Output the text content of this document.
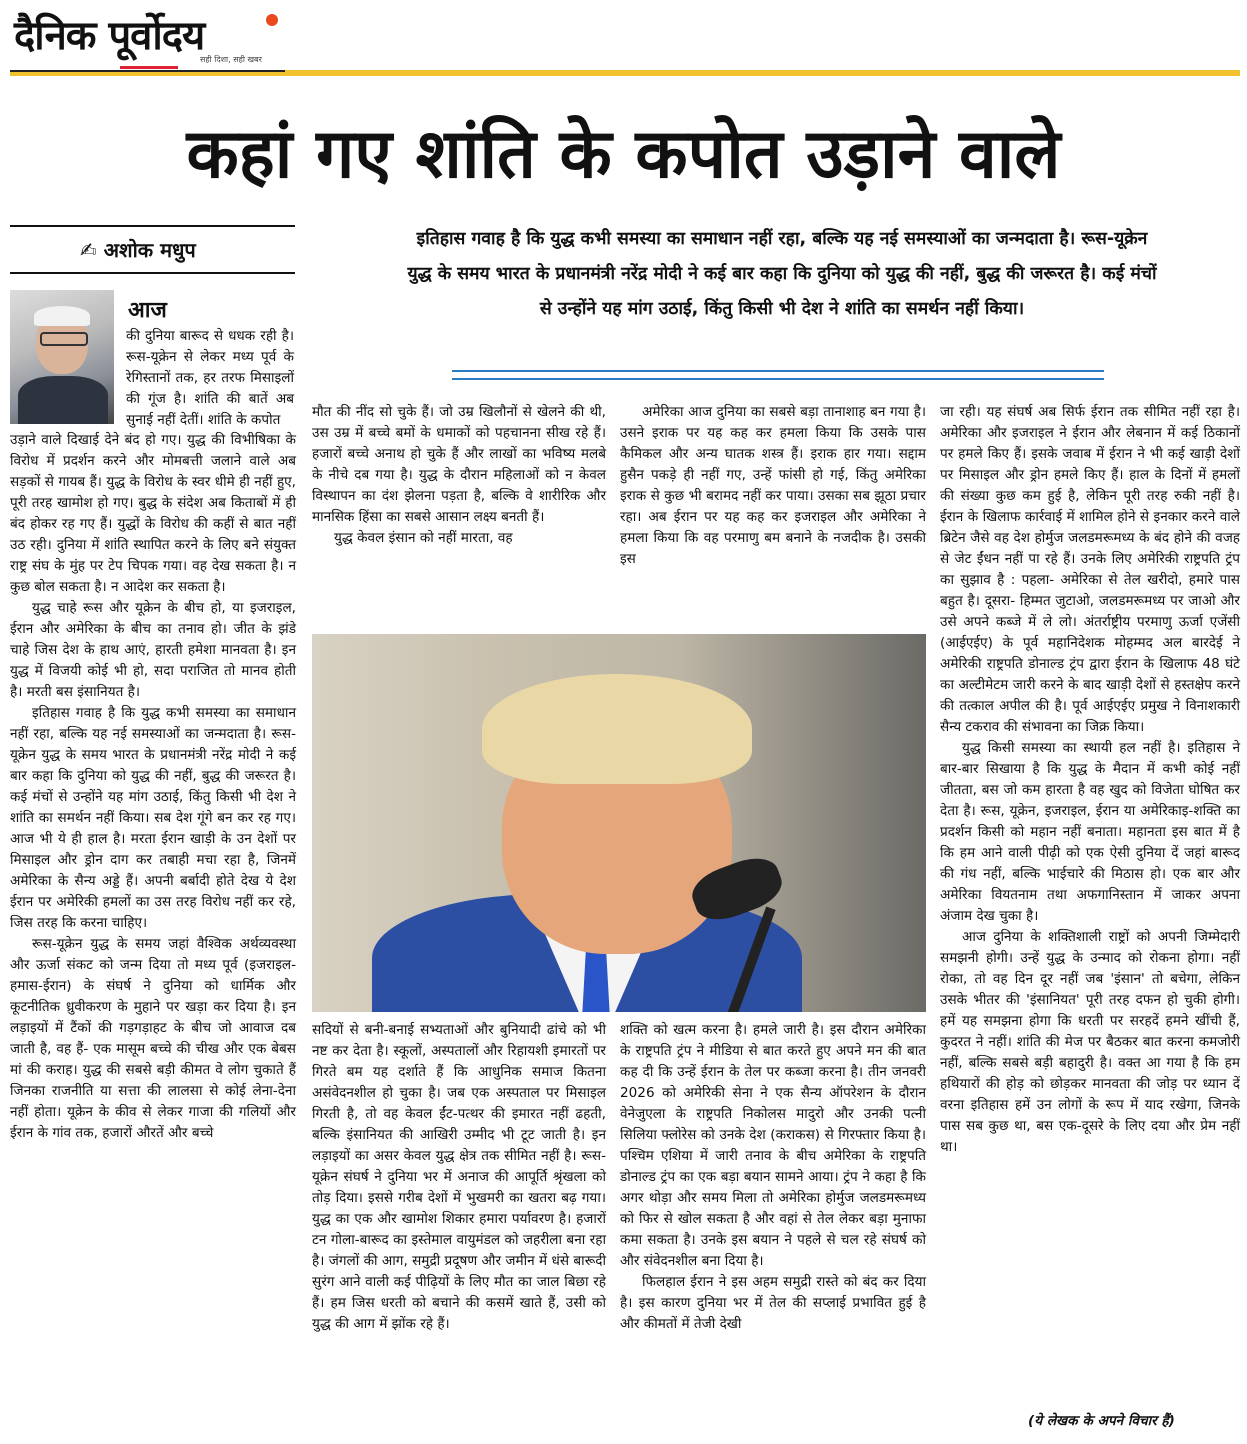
दैनिक पूर्वोदय
सही दिशा, सही खबर
कहां गए शांति के कपोत उड़ाने वाले
✍ अशोक मधुप
आज

की दुनिया बारूद से धधक रही है। रूस-यूक्रेन से लेकर मध्य पूर्व के रेगिस्तानों तक, हर तरफ मिसाइलों की गूंज है। शांति की बातें अब सुनाई नहीं देतीं। शांति के कपोत

उड़ाने वाले दिखाई देने बंद हो गए। युद्ध की विभीषिका के विरोध में प्रदर्शन करने और मोमबत्ती जलाने वाले अब सड़कों से गायब हैं। युद्ध के विरोध के स्वर धीमे ही नहीं हुए, पूरी तरह खामोश हो गए। बुद्ध के संदेश अब किताबों में ही बंद होकर रह गए हैं। युद्धों के विरोध की कहीं से बात नहीं उठ रही। दुनिया में शांति स्थापित करने के लिए बने संयुक्त राष्ट्र संघ के मुंह पर टेप चिपक गया। वह देख सकता है। न कुछ बोल सकता है। न आदेश कर सकता है।

युद्ध चाहे रूस और यूक्रेन के बीच हो, या इजराइल, ईरान और अमेरिका के बीच का तनाव हो। जीत के झंडे चाहे जिस देश के हाथ आएं, हारती हमेशा मानवता है। इन युद्ध में विजयी कोई भी हो, सदा पराजित तो मानव होती है। मरती बस इंसानियत है।

इतिहास गवाह है कि युद्ध कभी समस्या का समाधान नहीं रहा, बल्कि यह नई समस्याओं का जन्मदाता है। रूस-यूक्रेन युद्ध के समय भारत के प्रधानमंत्री नरेंद्र मोदी ने कई बार कहा कि दुनिया को युद्ध की नहीं, बुद्ध की जरूरत है। कई मंचों से उन्होंने यह मांग उठाई, किंतु किसी भी देश ने शांति का समर्थन नहीं किया। सब देश गूंगे बन कर रह गए। आज भी ये ही हाल है। मरता ईरान खाड़ी के उन देशों पर मिसाइल और ड्रोन दाग कर तबाही मचा रहा है, जिनमें अमेरिका के सैन्य अड्डे हैं। अपनी बर्बादी होते देख ये देश ईरान पर अमेरिकी हमलों का उस तरह विरोध नहीं कर रहे, जिस तरह कि करना चाहिए।

रूस-यूक्रेन युद्ध के समय जहां वैश्विक अर्थव्यवस्था और ऊर्जा संकट को जन्म दिया तो मध्य पूर्व (इजराइल-हमास-ईरान) के संघर्ष ने दुनिया को धार्मिक और कूटनीतिक ध्रुवीकरण के मुहाने पर खड़ा कर दिया है। इन लड़ाइयों में टैंकों की गड़गड़ाहट के बीच जो आवाज दब जाती है, वह हैं- एक मासूम बच्चे की चीख और एक बेबस मां की कराह। युद्ध की सबसे बड़ी कीमत वे लोग चुकाते हैं जिनका राजनीति या सत्ता की लालसा से कोई लेना-देना नहीं होता। यूक्रेन के कीव से लेकर गाजा की गलियों और ईरान के गांव तक, हजारों औरतें और बच्चे

इतिहास गवाह है कि युद्ध कभी समस्या का समाधान नहीं रहा, बल्कि यह नई समस्याओं का जन्मदाता है। रूस-यूक्रेन युद्ध के समय भारत के प्रधानमंत्री नरेंद्र मोदी ने कई बार कहा कि दुनिया को युद्ध की नहीं, बुद्ध की जरूरत है। कई मंचों से उन्होंने यह मांग उठाई, किंतु किसी भी देश ने शांति का समर्थन नहीं किया।

मौत की नींद सो चुके हैं। जो उम्र खिलौनों से खेलने की थी, उस उम्र में बच्चे बमों के धमाकों को पहचानना सीख रहे हैं। हजारों बच्चे अनाथ हो चुके हैं और लाखों का भविष्य मलबे के नीचे दब गया है। युद्ध के दौरान महिलाओं को न केवल विस्थापन का दंश झेलना पड़ता है, बल्कि वे शारीरिक और मानसिक हिंसा का सबसे आसान लक्ष्य बनती हैं।

युद्ध केवल इंसान को नहीं मारता, वह

अमेरिका आज दुनिया का सबसे बड़ा तानाशाह बन गया है। उसने इराक पर यह कह कर हमला किया कि उसके पास कैमिकल और अन्य घातक शस्त्र हैं। इराक हार गया। सद्दाम हुसैन पकड़े ही नहीं गए, उन्हें फांसी हो गई, किंतु अमेरिका इराक से कुछ भी बरामद नहीं कर पाया। उसका सब झूठा प्रचार रहा। अब ईरान पर यह कह कर इजराइल और अमेरिका ने हमला किया कि वह परमाणु बम बनाने के नजदीक है। उसकी इस

सदियों से बनी-बनाई सभ्यताओं और बुनियादी ढांचे को भी नष्ट कर देता है। स्कूलों, अस्पतालों और रिहायशी इमारतों पर गिरते बम यह दर्शाते हैं कि आधुनिक समाज कितना असंवेदनशील हो चुका है। जब एक अस्पताल पर मिसाइल गिरती है, तो वह केवल ईंट-पत्थर की इमारत नहीं ढहती, बल्कि इंसानियत की आखिरी उम्मीद भी टूट जाती है। इन लड़ाइयों का असर केवल युद्ध क्षेत्र तक सीमित नहीं है। रूस-यूक्रेन संघर्ष ने दुनिया भर में अनाज की आपूर्ति श्रृंखला को तोड़ दिया। इससे गरीब देशों में भुखमरी का खतरा बढ़ गया। युद्ध का एक और खामोश शिकार हमारा पर्यावरण है। हजारों टन गोला-बारूद का इस्तेमाल वायुमंडल को जहरीला बना रहा है। जंगलों की आग, समुद्री प्रदूषण और जमीन में धंसे बारूदी सुरंग आने वाली कई पीढ़ियों के लिए मौत का जाल बिछा रहे हैं। हम जिस धरती को बचाने की कसमें खाते हैं, उसी को युद्ध की आग में झोंक रहे हैं।

शक्ति को खत्म करना है। हमले जारी है। इस दौरान अमेरिका के राष्ट्रपति ट्रंप ने मीडिया से बात करते हुए अपने मन की बात कह दी कि उन्हें ईरान के तेल पर कब्जा करना है। तीन जनवरी 2026 को अमेरिकी सेना ने एक सैन्य ऑपरेशन के दौरान वेनेजुएला के राष्ट्रपति निकोलस मादुरो और उनकी पत्नी सिलिया फ्लोरेस को उनके देश (कराकस) से गिरफ्तार किया है। पश्चिम एशिया में जारी तनाव के बीच अमेरिका के राष्ट्रपति डोनाल्ड ट्रंप का एक बड़ा बयान सामने आया। ट्रंप ने कहा है कि अगर थोड़ा और समय मिला तो अमेरिका होर्मुज जलडमरूमध्य को फिर से खोल सकता है और वहां से तेल लेकर बड़ा मुनाफा कमा सकता है। उनके इस बयान ने पहले से चल रहे संघर्ष को और संवेदनशील बना दिया है।

फिलहाल ईरान ने इस अहम समुद्री रास्ते को बंद कर दिया है। इस कारण दुनिया भर में तेल की सप्लाई प्रभावित हुई है और कीमतों में तेजी देखी

जा रही। यह संघर्ष अब सिर्फ ईरान तक सीमित नहीं रहा है। अमेरिका और इजराइल ने ईरान और लेबनान में कई ठिकानों पर हमले किए हैं। इसके जवाब में ईरान ने भी कई खाड़ी देशों पर मिसाइल और ड्रोन हमले किए हैं। हाल के दिनों में हमलों की संख्या कुछ कम हुई है, लेकिन पूरी तरह रुकी नहीं है। ईरान के खिलाफ कार्रवाई में शामिल होने से इनकार करने वाले ब्रिटेन जैसे वह देश होर्मुज जलडमरूमध्य के बंद होने की वजह से जेट ईंधन नहीं पा रहे हैं। उनके लिए अमेरिकी राष्ट्रपति ट्रंप का सुझाव है : पहला- अमेरिका से तेल खरीदो, हमारे पास बहुत है। दूसरा- हिम्मत जुटाओ, जलडमरूमध्य पर जाओ और उसे अपने कब्जे में ले लो। अंतर्राष्ट्रीय परमाणु ऊर्जा एजेंसी (आईएईए) के पूर्व महानिदेशक मोहम्मद अल बारदेई ने अमेरिकी राष्ट्रपति डोनाल्ड ट्रंप द्वारा ईरान के खिलाफ 48 घंटे का अल्टीमेटम जारी करने के बाद खाड़ी देशों से हस्तक्षेप करने की तत्काल अपील की है। पूर्व आईएईए प्रमुख ने विनाशकारी सैन्य टकराव की संभावना का जिक्र किया।

युद्ध किसी समस्या का स्थायी हल नहीं है। इतिहास ने बार-बार सिखाया है कि युद्ध के मैदान में कभी कोई नहीं जीतता, बस जो कम हारता है वह खुद को विजेता घोषित कर देता है। रूस, यूक्रेन, इजराइल, ईरान या अमेरिकाइ-शक्ति का प्रदर्शन किसी को महान नहीं बनाता। महानता इस बात में है कि हम आने वाली पीढ़ी को एक ऐसी दुनिया दें जहां बारूद की गंध नहीं, बल्कि भाईचारे की मिठास हो। एक बार और अमेरिका वियतनाम तथा अफगानिस्तान में जाकर अपना अंजाम देख चुका है।

आज दुनिया के शक्तिशाली राष्ट्रों को अपनी जिम्मेदारी समझनी होगी। उन्हें युद्ध के उन्माद को रोकना होगा। नहीं रोका, तो वह दिन दूर नहीं जब 'इंसान' तो बचेगा, लेकिन उसके भीतर की 'इंसानियत' पूरी तरह दफन हो चुकी होगी। हमें यह समझना होगा कि धरती पर सरहदें हमने खींची हैं, कुदरत ने नहीं। शांति की मेज पर बैठकर बात करना कमजोरी नहीं, बल्कि सबसे बड़ी बहादुरी है। वक्त आ गया है कि हम हथियारों की होड़ को छोड़कर मानवता की जोड़ पर ध्यान दें वरना इतिहास हमें उन लोगों के रूप में याद रखेगा, जिनके पास सब कुछ था, बस एक-दूसरे के लिए दया और प्रेम नहीं था।

(ये लेखक के अपने विचार हैं)
